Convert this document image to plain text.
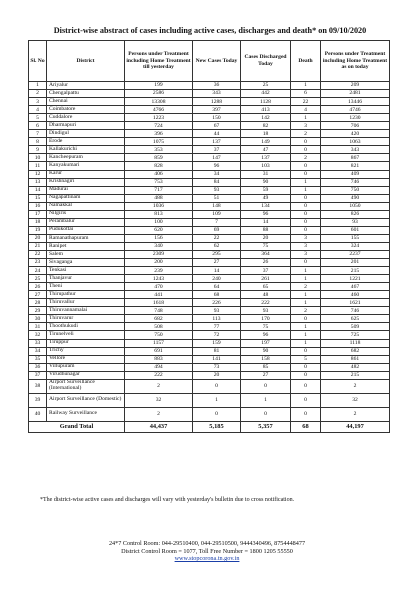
District-wise abstract of cases including active cases, discharges and death* on 09/10/2020
Sl. No	District	Persons under Treatment including Home Treatment till yesterday	New Cases Today	Cases Discharged Today	Death	Persons under Treatment including Home Treatment as on today
1	Ariyalur	199	36	25	1	209
2	Chengalpattu	2586	343	442	6	2481
3	Chennai	13308	1288	1128	22	13446
4	Coimbatore	4766	397	413	4	4746
5	Cuddalore	1223	150	142	1	1230
6	Dharmapuri	724	67	82	3	706
7	Dindigul	396	44	18	2	420
8	Erode	1075	137	149	0	1063
9	Kallakurichi	353	37	47	0	343
10	Kancheepuram	859	147	137	2	867
11	Kanyakumari	828	96	103	0	821
12	Karur	406	34	31	0	409
13	Krishnagiri	753	84	90	1	746
14	Madurai	717	93	59	1	750
15	Nagapattinam	488	51	49	0	490
16	Namakkal	1036	148	134	0	1050
17	Nilgiris	813	109	96	0	826
18	Perambalur	100	7	14	0	93
19	Pudukottai	620	69	88	0	601
20	Ramanathapuram	156	22	20	3	155
21	Ranipet	340	62	75	3	324
22	Salem	2309	295	364	3	2237
23	Sivaganga	200	27	26	0	201
24	Tenkasi	239	14	37	1	215
25	Thanjavur	1243	240	261	1	1221
26	Theni	470	64	65	2	467
27	Thirupathur	441	68	48	1	460
28	Thiruvallur	1618	226	222	1	1621
29	Thiruvannamalai	748	93	93	2	746
30	Thiruvarur	682	113	170	0	625
31	Thoothukudi	508	77	75	1	509
32	Tirunelveli	750	72	96	1	725
33	Tiruppur	1157	159	197	1	1118
34	Trichy	691	81	90	0	682
35	Vellore	883	141	158	5	861
36	Villupuram	494	73	85	0	482
37	Virudhunagar	222	20	27	0	215
38	Airport Surveillance (International)	2	0	0	0	2
39	Airport Surveillance (Domestic)	32	1	1	0	32
40	Railway Surveillance	2	0	0	0	2
Grand Total		44,437	5,185	5,357	68	44,197
*The district-wise active cases and discharges will vary with yesterday's bulletin due to cross notification.
24*7 Control Room: 044-29510400, 044-29510500, 9444340496, 8754448477
District Control Room = 1077, Toll Free Number = 1800 1205 55550
www.stopcorona.tn.gov.in
